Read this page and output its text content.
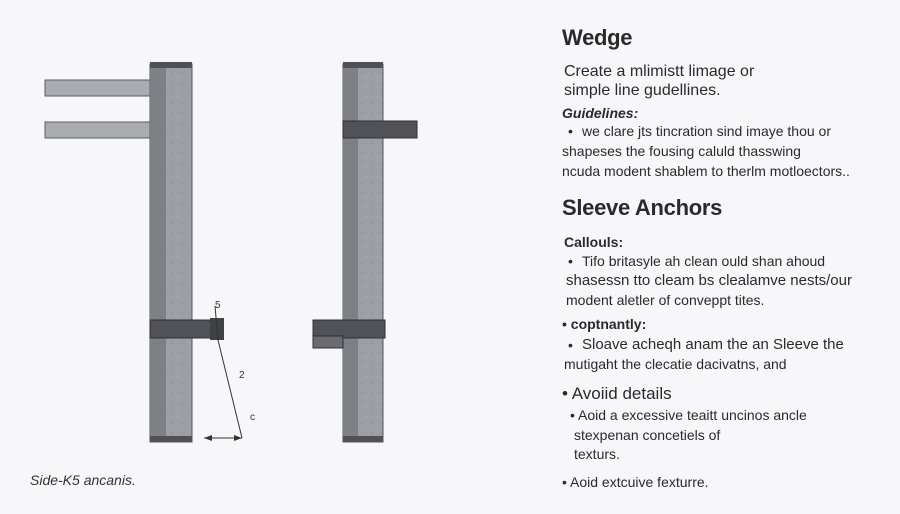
5
2
c
Side-K5 ancanis.
Wedge
Create a mlimistt limage or
simple line gudellines.
Guidelines:
• we clare jts tincration sind imaye thou or
shapeses the fousing caluld thasswing
ncuda modent shablem to therlm motloectors..
Sleeve Anchors
Callouls:
• Tifo britasyle ah clean ould shan ahoud
shasessn tto cleam bs clealamve nests/our
modent aletler of conveppt tites.
• coptnantly:
• Sloave acheqh anam the an Sleeve the
mutigaht the clecatie dacivatns, and
• Avoiid details
• Aoid a excessive teaitt uncinos ancle
stexpenan concetiels of
texturs.
• Aoid extcuive fexturre.
